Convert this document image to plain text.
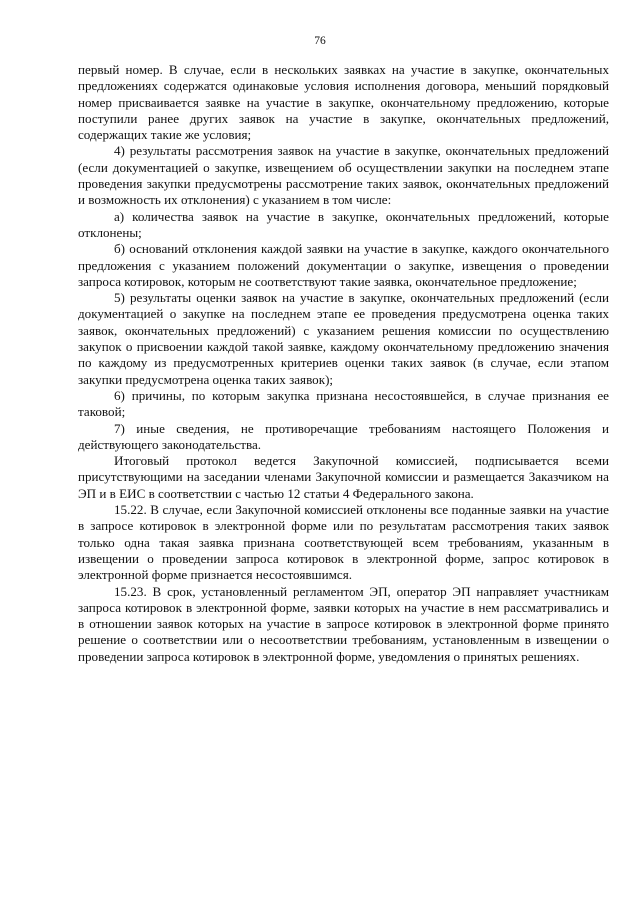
76

первый номер. В случае, если в нескольких заявках на участие в закупке, окончательных предложениях содержатся одинаковые условия исполнения договора, меньший порядковый номер присваивается заявке на участие в закупке, окончательному предложению, которые поступили ранее других заявок на участие в закупке, окончательных предложений, содержащих такие же условия;

4) результаты рассмотрения заявок на участие в закупке, окончательных предложений (если документацией о закупке, извещением об осуществлении закупки на последнем этапе проведения закупки предусмотрены рассмотрение таких заявок, окончательных предложений и возможность их отклонения) с указанием в том числе:

а) количества заявок на участие в закупке, окончательных предложений, которые отклонены;

б) оснований отклонения каждой заявки на участие в закупке, каждого окончательного предложения с указанием положений документации о закупке, извещения о проведении запроса котировок, которым не соответствуют такие заявка, окончательное предложение;

5) результаты оценки заявок на участие в закупке, окончательных предложений (если документацией о закупке на последнем этапе ее проведения предусмотрена оценка таких заявок, окончательных предложений) с указанием решения комиссии по осуществлению закупок о присвоении каждой такой заявке, каждому окончательному предложению значения по каждому из предусмотренных критериев оценки таких заявок (в случае, если этапом закупки предусмотрена оценка таких заявок);

6) причины, по которым закупка признана несостоявшейся, в случае признания ее таковой;

7) иные сведения, не противоречащие требованиям настоящего Положения и действующего законодательства.

Итоговый протокол ведется Закупочной комиссией, подписывается всеми присутствующими на заседании членами Закупочной комиссии и размещается Заказчиком на ЭП и в ЕИС в соответствии с частью 12 статьи 4 Федерального закона.

15.22. В случае, если Закупочной комиссией отклонены все поданные заявки на участие в запросе котировок в электронной форме или по результатам рассмотрения таких заявок только одна такая заявка признана соответствующей всем требованиям, указанным в извещении о проведении запроса котировок в электронной форме, запрос котировок в электронной форме признается несостоявшимся.

15.23. В срок, установленный регламентом ЭП, оператор ЭП направляет участникам запроса котировок в электронной форме, заявки которых на участие в нем рассматривались и в отношении заявок которых на участие в запросе котировок в электронной форме принято решение о соответствии или о несоответствии требованиям, установленным в извещении о проведении запроса котировок в электронной форме, уведомления о принятых решениях.
